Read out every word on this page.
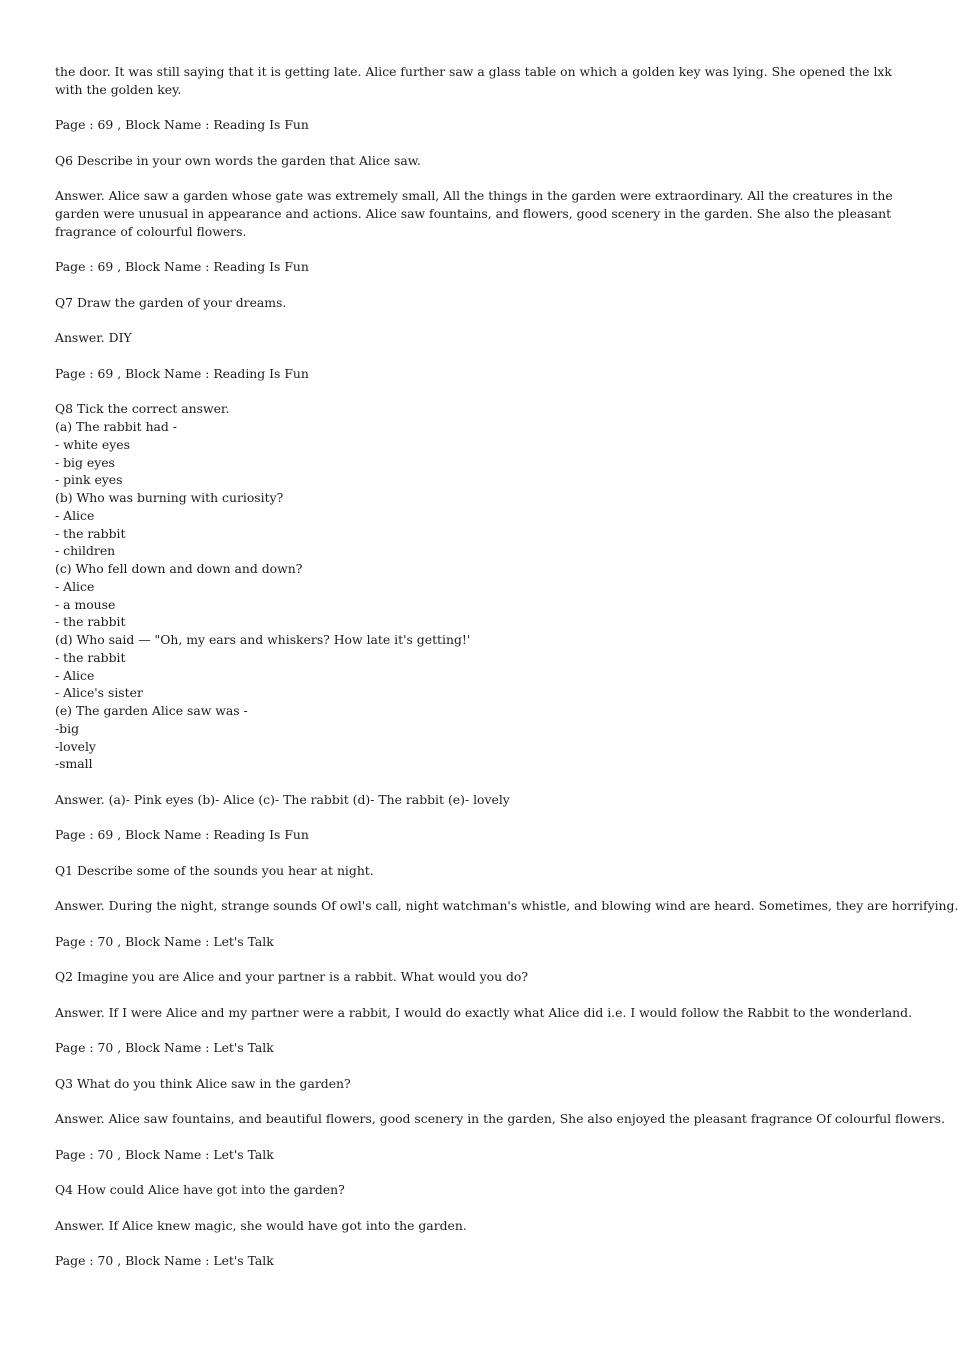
the door. It was still saying that it is getting late. Alice further saw a glass table on which a golden key was lying. She opened the lxk with the golden key.

Page : 69 , Block Name : Reading Is Fun

Q6 Describe in your own words the garden that Alice saw.

Answer. Alice saw a garden whose gate was extremely small, All the things in the garden were extraordinary. All the creatures in the garden were unusual in appearance and actions. Alice saw fountains, and flowers, good scenery in the garden. She also the pleasant fragrance of colourful flowers.

Page : 69 , Block Name : Reading Is Fun

Q7 Draw the garden of your dreams.

Answer. DIY

Page : 69 , Block Name : Reading Is Fun

Q8 Tick the correct answer.
(a) The rabbit had -
- white eyes
- big eyes
- pink eyes
(b) Who was burning with curiosity?
- Alice
- the rabbit
- children
(c) Who fell down and down and down?
- Alice
- a mouse
- the rabbit
(d) Who said — "Oh, my ears and whiskers? How late it's getting!'
- the rabbit
- Alice
- Alice's sister
(e) The garden Alice saw was -
-big
-lovely
-small

Answer. (a)- Pink eyes (b)- Alice (c)- The rabbit (d)- The rabbit (e)- lovely

Page : 69 , Block Name : Reading Is Fun

Q1 Describe some of the sounds you hear at night.

Answer. During the night, strange sounds Of owl's call, night watchman's whistle, and blowing wind are heard. Sometimes, they are horrifying.

Page : 70 , Block Name : Let's Talk

Q2 Imagine you are Alice and your partner is a rabbit. What would you do?

Answer. If I were Alice and my partner were a rabbit, I would do exactly what Alice did i.e. I would follow the Rabbit to the wonderland.

Page : 70 , Block Name : Let's Talk

Q3 What do you think Alice saw in the garden?

Answer. Alice saw fountains, and beautiful flowers, good scenery in the garden, She also enjoyed the pleasant fragrance Of colourful flowers.

Page : 70 , Block Name : Let's Talk

Q4 How could Alice have got into the garden?

Answer. If Alice knew magic, she would have got into the garden.

Page : 70 , Block Name : Let's Talk
